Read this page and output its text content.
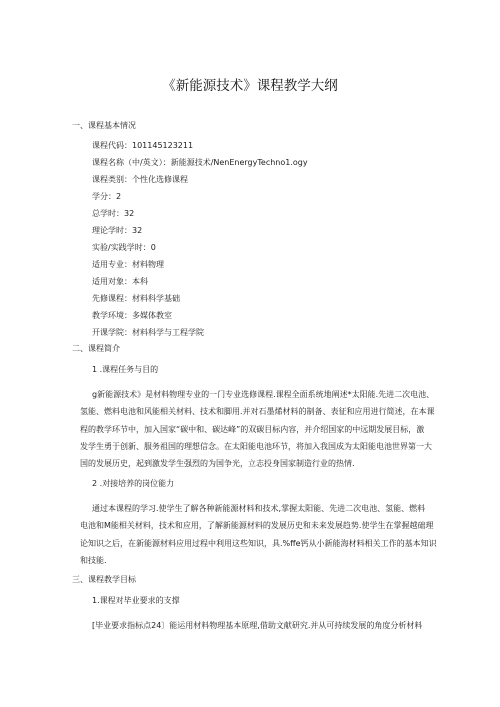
《新能源技术》课程教学大纲
一、课程基本情况
课程代码：101145123211
课程名称（中/英文）：新能源技术/NenEnergyTechno1.ogy
课程类别：个性化选修课程
学分：2
总学时：32
理论学时：32
实验/实践学时：0
适用专业：材料物理
适用对象：本科
先修课程：材料科学基础
教学环境：多媒体教室
开课学院：材料科学与工程学院
二、课程简介
1 .课程任务与目的

g新能源技术》是材料物理专业的一门专业选修课程.课程全面系统地阐述*太阳能.先进二次电池、

氢能、燃料电池和风能相关材料、技术和脚用.并对石墨烯材料的制备、表征和应用进行简述，在本课

程的教学环节中，加入国家“碳中和、碳达峰”的双碳目标内容，并介绍国家的中远期发展目标，激

发学生勇于创新、服务祖国的理想信念。在太阳能电池环节，将加入我国成为太阳能电池世界第一大

国的发展历史，起到激发学生强烈的为国争光，立志投身国家制造行业的热情.

2 .对接培养的岗位能力

通过本课程的学习.使学生了解各种新能源材料和技术,掌握太阳能、先进二次电池、氢能、燃料

电池和M能相关材料，技术和应用，了解新能源材料的发展历史和未来发展趋势.使学生在掌握越础理

论知识之后，在新能源材料应用过程中利用这些知识，具.%ffe钙从小新能海材料相关工作的基本知识

和技能.

三、课程教学目标
1.课程对毕业要求的支撑

[毕业要求指标点24〕能运用材料物理基本原理,借助文献研究.并从可持续发展的角度分析材料
